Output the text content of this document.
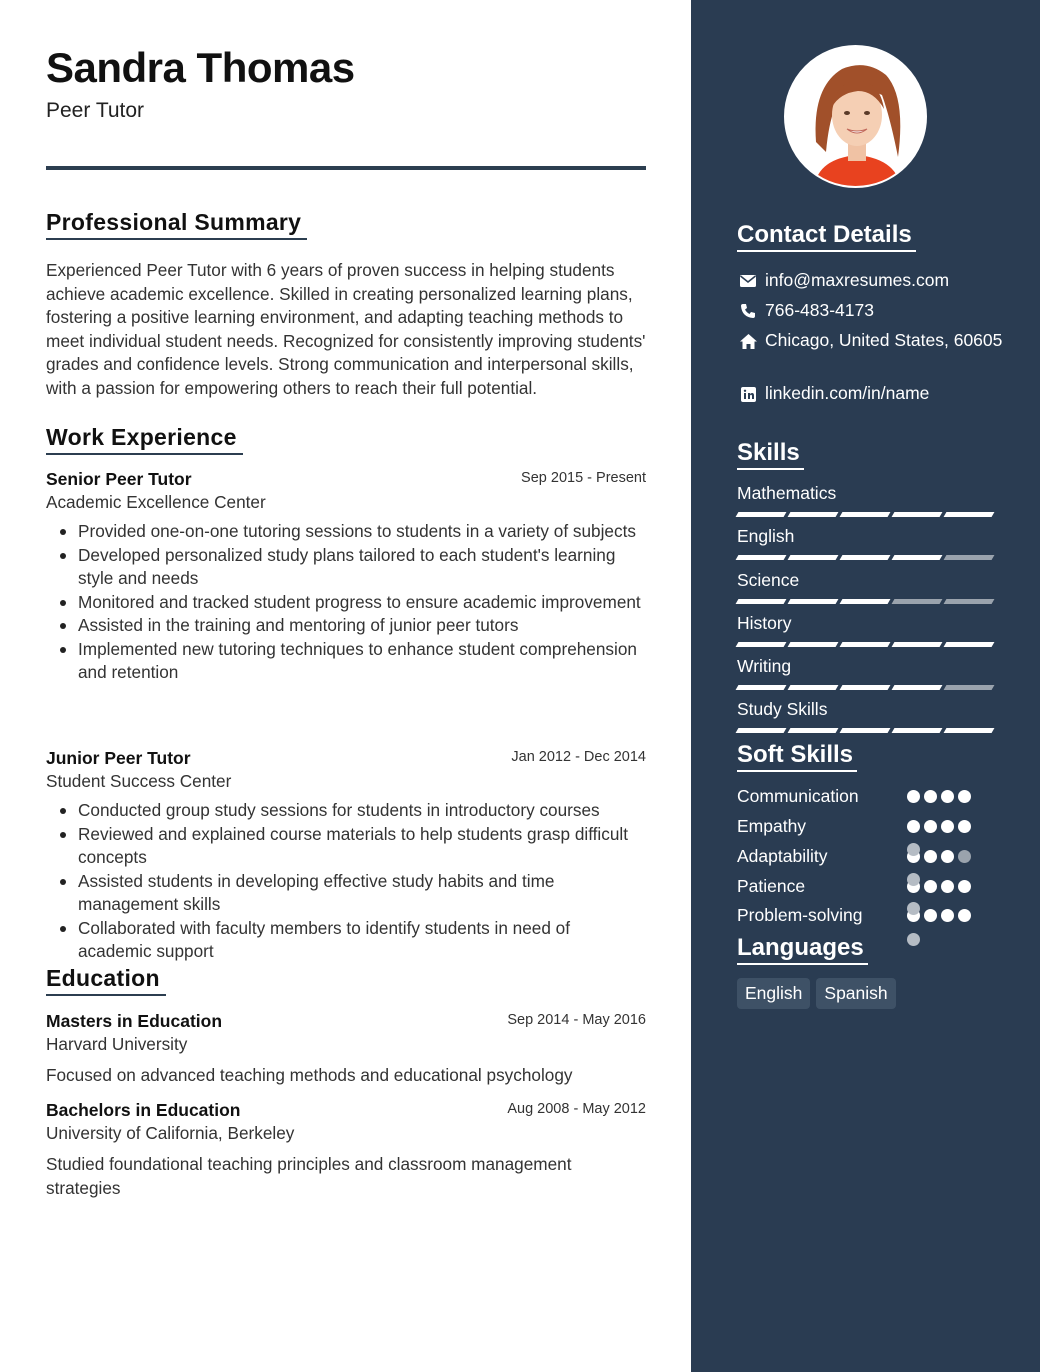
Sandra Thomas
Peer Tutor
Professional Summary
Experienced Peer Tutor with 6 years of proven success in helping students achieve academic excellence. Skilled in creating personalized learning plans, fostering a positive learning environment, and adapting teaching methods to meet individual student needs. Recognized for consistently improving students' grades and confidence levels. Strong communication and interpersonal skills, with a passion for empowering others to reach their full potential.
Work Experience
Senior Peer Tutor	Sep 2015 - Present
Academic Excellence Center
Provided one-on-one tutoring sessions to students in a variety of subjects
Developed personalized study plans tailored to each student's learning style and needs
Monitored and tracked student progress to ensure academic improvement
Assisted in the training and mentoring of junior peer tutors
Implemented new tutoring techniques to enhance student comprehension and retention
Junior Peer Tutor	Jan 2012 - Dec 2014
Student Success Center
Conducted group study sessions for students in introductory courses
Reviewed and explained course materials to help students grasp difficult concepts
Assisted students in developing effective study habits and time management skills
Collaborated with faculty members to identify students in need of academic support
Education
Masters in Education	Sep 2014 - May 2016
Harvard University
Focused on advanced teaching methods and educational psychology
Bachelors in Education	Aug 2008 - May 2012
University of California, Berkeley
Studied foundational teaching principles and classroom management strategies
Contact Details
info@maxresumes.com
766-483-4173
Chicago, United States, 60605
linkedin.com/in/name
Skills
Mathematics
English
Science
History
Writing
Study Skills
Soft Skills
Communication
Empathy
Adaptability
Patience
Problem-solving
Languages
English	Spanish
